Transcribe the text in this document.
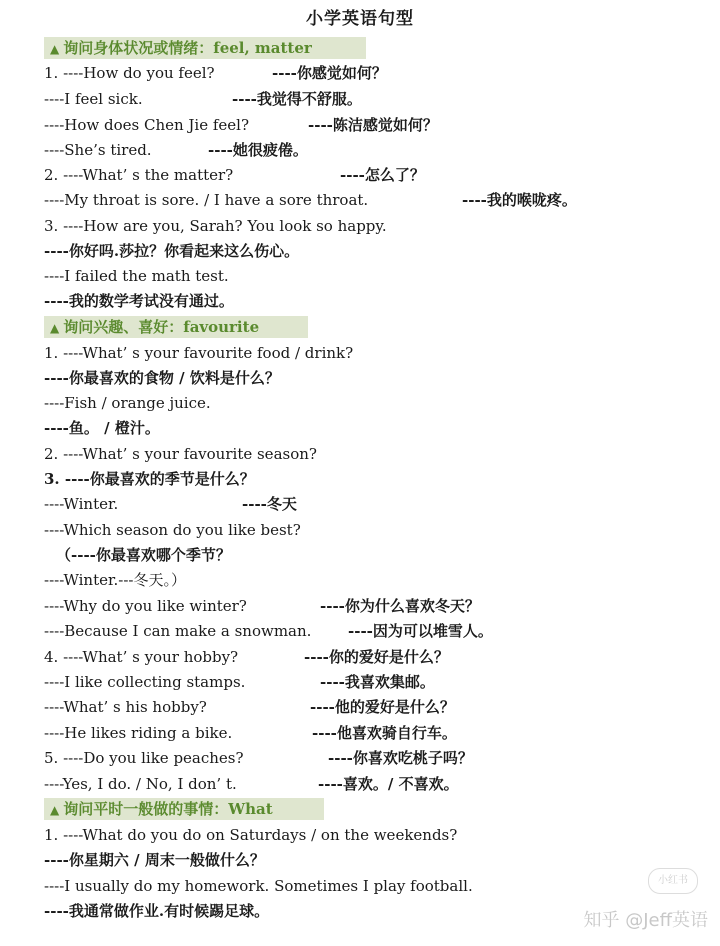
小学英语句型
▲ 询问身体状况或情绪：feel, matter
1. ----How do you feel?	----你感觉如何？
----I feel sick.	----我觉得不舒服。
----How does Chen Jie feel?	----陈洁感觉如何？
----She’s tired.	----她很疲倦。
2. ----What’ s the matter?	----怎么了？
----My throat is sore. / I have a sore throat.	----我的喉咙疼。
3. ----How are you, Sarah? You look so happy.
----你好吗.莎拉？你看起来这么伤心。
----I failed the math test.
----我的数学考试没有通过。
▲ 询问兴趣、喜好：favourite
1. ----What’ s your favourite food / drink?
----你最喜欢的食物 / 饮料是什么？
----Fish / orange juice.
----鱼。 / 橙汁。
2. ----What’ s your favourite season?
3. ----你最喜欢的季节是什么？
----Winter.	----冬天
----Which season do you like best?
（----你最喜欢哪个季节？
----Winter.---冬天。）
----Why do you like winter?	----你为什么喜欢冬天？
----Because I can make a snowman. ----因为可以堆雪人。
4. ----What’ s your hobby?	----你的爱好是什么？
----I like collecting stamps.	----我喜欢集邮。
----What’ s his hobby?	----他的爱好是什么？
----He likes riding a bike.	----他喜欢骑自行车。
5. ----Do you like peaches?	----你喜欢吃桃子吗？
----Yes, I do. / No, I don’ t.	----喜欢。/ 不喜欢。
▲ 询问平时一般做的事情：What
1. ----What do you do on Saturdays / on the weekends?
----你星期六 / 周末一般做什么？
----I usually do my homework. Sometimes I play football.
----我通常做作业.有时候踢足球。
小红书
知乎 @Jeff英语
